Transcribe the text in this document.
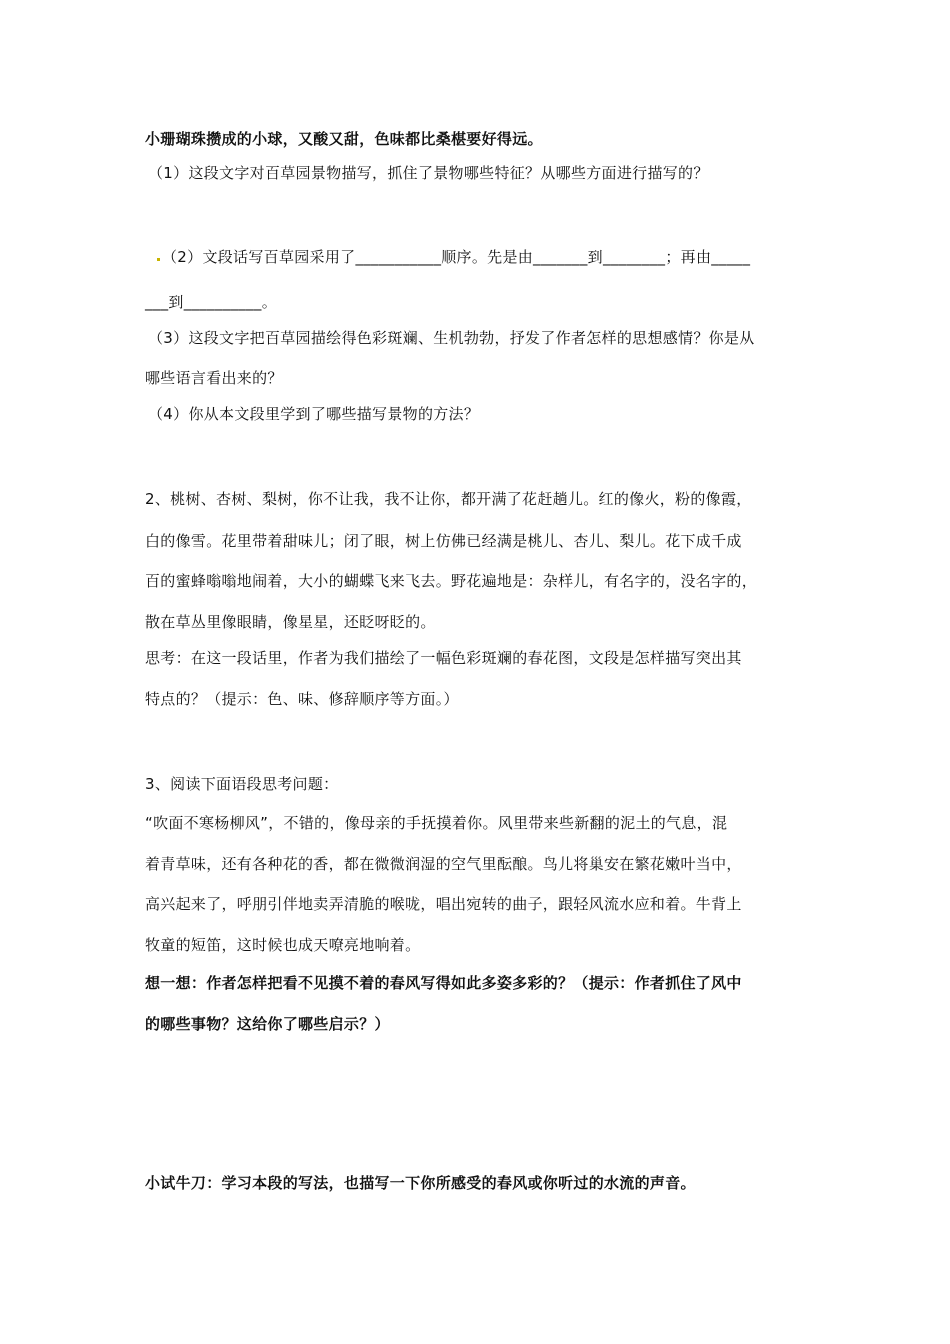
小珊瑚珠攒成的小球，又酸又甜，色味都比桑椹要好得远。
（1）这段文字对百草园景物描写，抓住了景物哪些特征？从哪些方面进行描写的？
（2）文段话写百草园采用了___________顺序。先是由_______到________；再由_____
___到__________。
（3）这段文字把百草园描绘得色彩斑斓、生机勃勃，抒发了作者怎样的思想感情？你是从
哪些语言看出来的？
（4）你从本文段里学到了哪些描写景物的方法？
2、桃树、杏树、梨树，你不让我，我不让你，都开满了花赶趟儿。红的像火，粉的像霞，
白的像雪。花里带着甜味儿；闭了眼，树上仿佛已经满是桃儿、杏儿、梨儿。花下成千成
百的蜜蜂嗡嗡地闹着，大小的蝴蝶飞来飞去。野花遍地是：杂样儿，有名字的，没名字的，
散在草丛里像眼睛，像星星，还眨呀眨的。
思考：在这一段话里，作者为我们描绘了一幅色彩斑斓的春花图，文段是怎样描写突出其
特点的？（提示：色、味、修辞顺序等方面。）
3、阅读下面语段思考问题：
“吹面不寒杨柳风”，不错的，像母亲的手抚摸着你。风里带来些新翻的泥土的气息，混
着青草味，还有各种花的香，都在微微润湿的空气里酝酿。鸟儿将巢安在繁花嫩叶当中，
高兴起来了，呼朋引伴地卖弄清脆的喉咙，唱出宛转的曲子，跟轻风流水应和着。牛背上
牧童的短笛，这时候也成天嘹亮地响着。
想一想：作者怎样把看不见摸不着的春风写得如此多姿多彩的？（提示：作者抓住了风中
的哪些事物？这给你了哪些启示？）
小试牛刀：学习本段的写法，也描写一下你所感受的春风或你听过的水流的声音。
